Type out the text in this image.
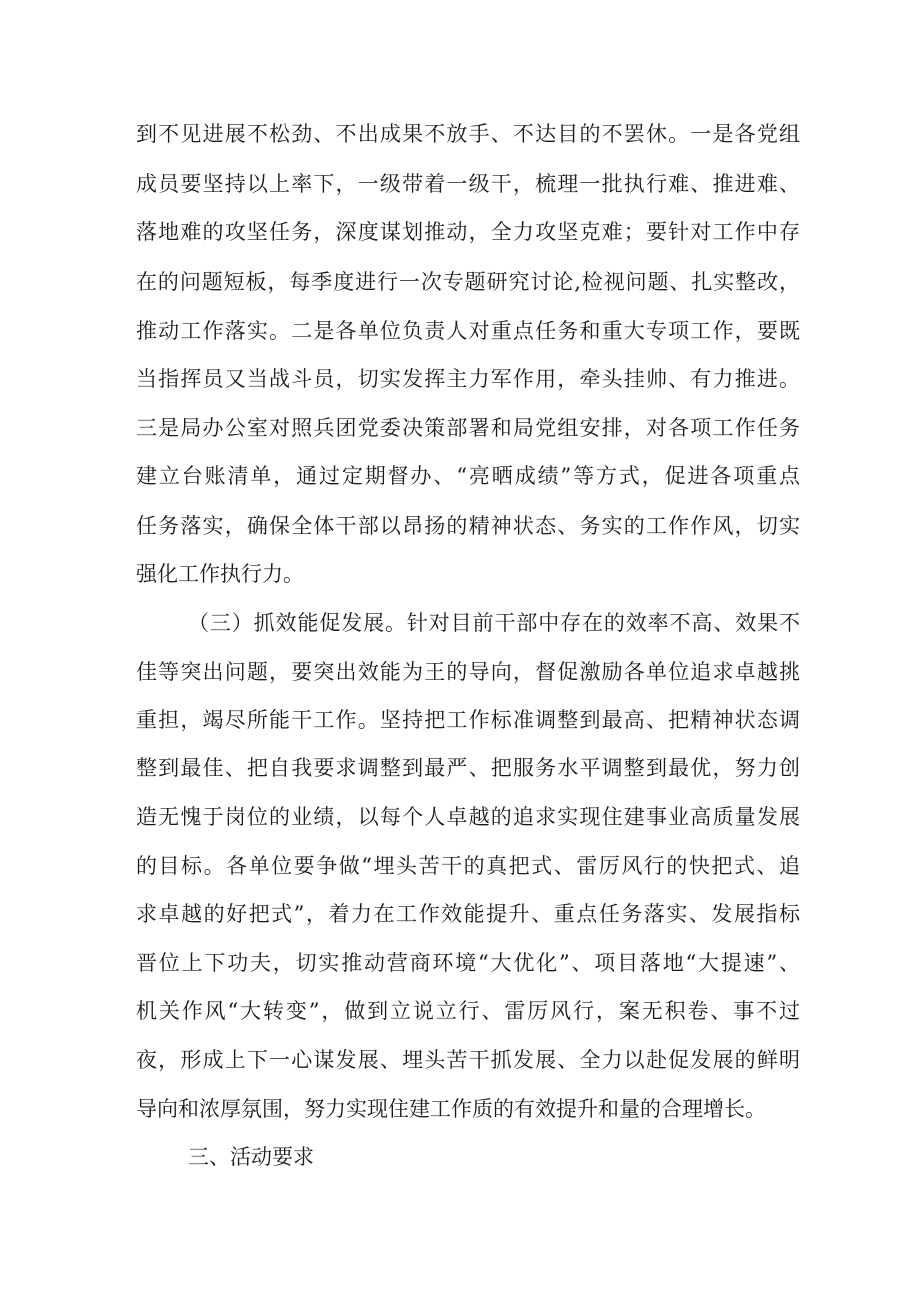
到不见进展不松劲、不出成果不放手、不达目的不罢休。一是各党组
成员要坚持以上率下，一级带着一级干，梳理一批执行难、推进难、
落地难的攻坚任务，深度谋划推动，全力攻坚克难；要针对工作中存
在的问题短板，每季度进行一次专题研究讨论,检视问题、扎实整改，
推动工作落实。二是各单位负责人对重点任务和重大专项工作，要既
当指挥员又当战斗员，切实发挥主力军作用，牵头挂帅、有力推进。
三是局办公室对照兵团党委决策部署和局党组安排，对各项工作任务
建立台账清单，通过定期督办、“亮晒成绩”等方式，促进各项重点
任务落实，确保全体干部以昂扬的精神状态、务实的工作作风，切实
强化工作执行力。
（三）抓效能促发展。针对目前干部中存在的效率不高、效果不
佳等突出问题，要突出效能为王的导向，督促激励各单位追求卓越挑
重担，竭尽所能干工作。坚持把工作标准调整到最高、把精神状态调
整到最佳、把自我要求调整到最严、把服务水平调整到最优，努力创
造无愧于岗位的业绩，以每个人卓越的追求实现住建事业高质量发展
的目标。各单位要争做“埋头苦干的真把式、雷厉风行的快把式、追
求卓越的好把式”，着力在工作效能提升、重点任务落实、发展指标
晋位上下功夫，切实推动营商环境“大优化”、项目落地“大提速”、
机关作风“大转变”，做到立说立行、雷厉风行，案无积卷、事不过
夜，形成上下一心谋发展、埋头苦干抓发展、全力以赴促发展的鲜明
导向和浓厚氛围，努力实现住建工作质的有效提升和量的合理增长。
三、活动要求
